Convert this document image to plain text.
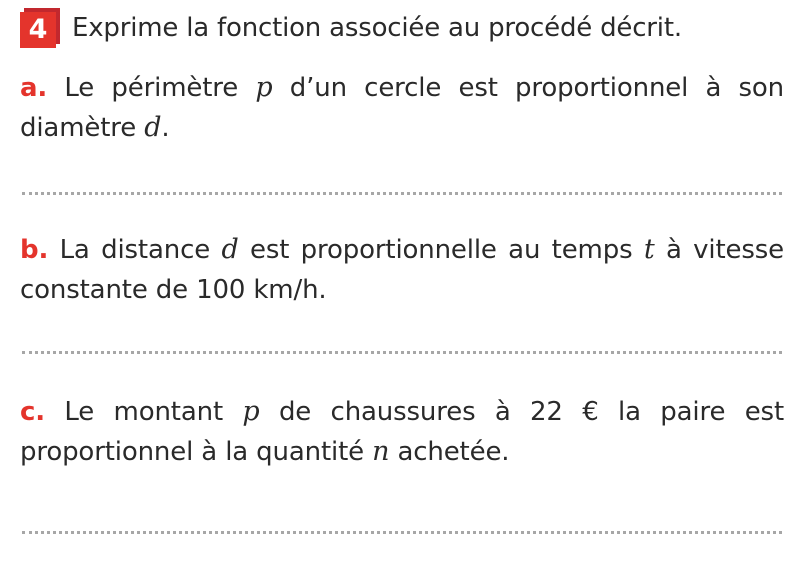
4 Exprime la fonction associée au procédé décrit.
a. Le périmètre p d’un cercle est proportionnel à son diamètre d.
b. La distance d est proportionnelle au temps t à vitesse constante de 100 km/h.
c. Le montant p de chaussures à 22 € la paire est proportionnel à la quantité n achetée.
